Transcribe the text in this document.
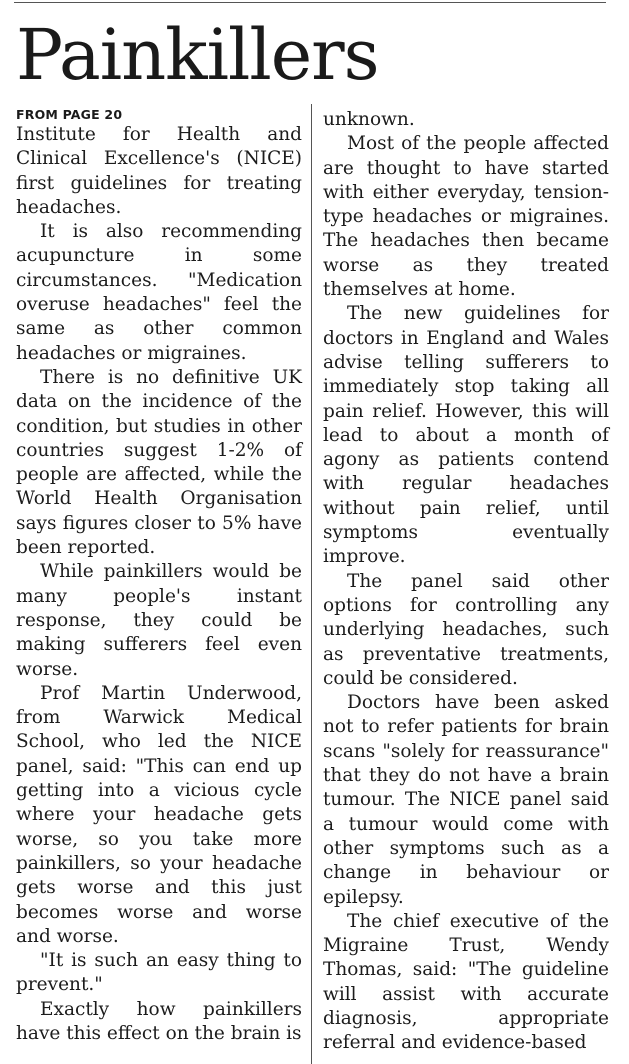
Painkillers
FROM PAGE 20

Institute for Health and Clinical Excellence's (NICE) first guidelines for treating headaches.

It is also recommending acupuncture in some circumstances. "Medication overuse headaches" feel the same as other common headaches or migraines.

There is no definitive UK data on the incidence of the condition, but studies in other countries suggest 1-2% of people are affected, while the World Health Organisation says figures closer to 5% have been reported.

While painkillers would be many people's instant response, they could be making sufferers feel even worse.

Prof Martin Underwood, from Warwick Medical School, who led the NICE panel, said: "This can end up getting into a vicious cycle where your headache gets worse, so you take more painkillers, so your headache gets worse and this just becomes worse and worse and worse.

"It is such an easy thing to prevent."

Exactly how painkillers have this effect on the brain is

unknown.

Most of the people affected are thought to have started with either everyday, tension-type headaches or migraines. The headaches then became worse as they treated themselves at home.

The new guidelines for doctors in England and Wales advise telling sufferers to immediately stop taking all pain relief. However, this will lead to about a month of agony as patients contend with regular headaches without pain relief, until symptoms eventually improve.

The panel said other options for controlling any underlying headaches, such as preventative treatments, could be considered.

Doctors have been asked not to refer patients for brain scans "solely for reassurance" that they do not have a brain tumour. The NICE panel said a tumour would come with other symptoms such as a change in behaviour or epilepsy.

The chief executive of the Migraine Trust, Wendy Thomas, said: "The guideline will assist with accurate diagnosis, appropriate referral and evidence-based
